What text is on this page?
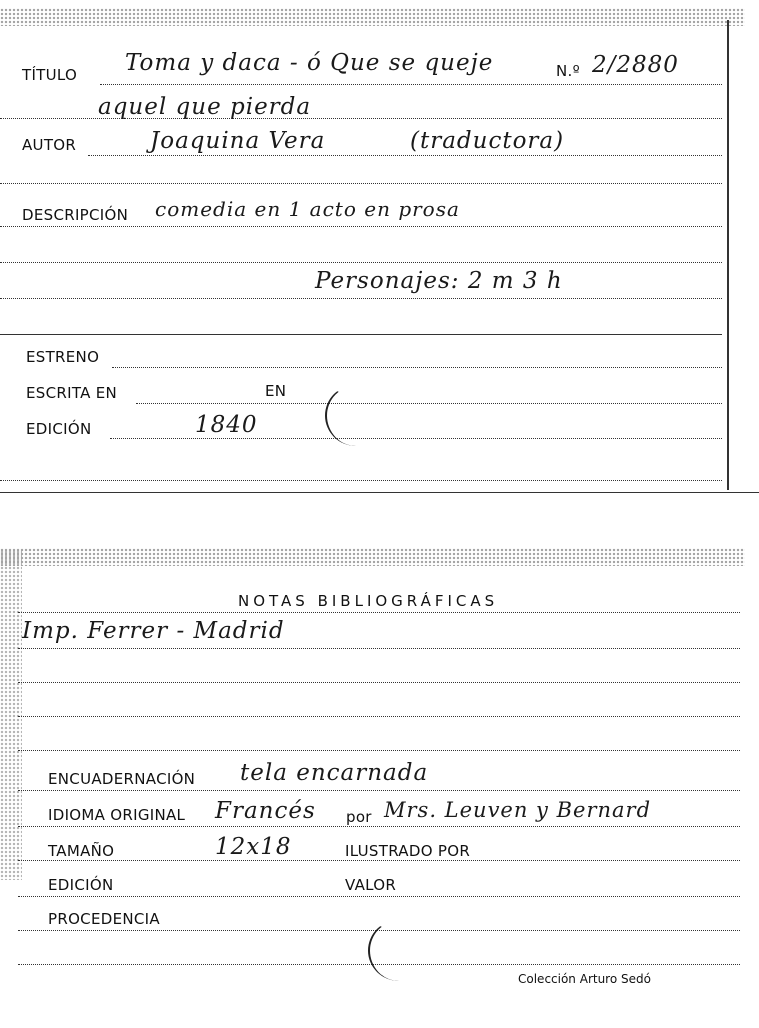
TÍTULO Toma y daca - ó Que se queje	N.º 2/2880
aquel que pierda
AUTOR	Joaquina Vera	(traductora)
DESCRIPCIÓN comedia en 1 acto en prosa
Personajes: 2 m 3 h
ESTRENO
ESCRITA EN	EN
EDICIÓN	1840
NOTAS BIBLIOGRÁFICAS
Imp. Ferrer - Madrid
ENCUADERNACIÓN tela encarnada
IDIOMA ORIGINAL Francés por Mrs. Leuven y Bernard
TAMAÑO	12x18	ILUSTRADO POR
EDICIÓN	VALOR
PROCEDENCIA
Colección Arturo Sedó
